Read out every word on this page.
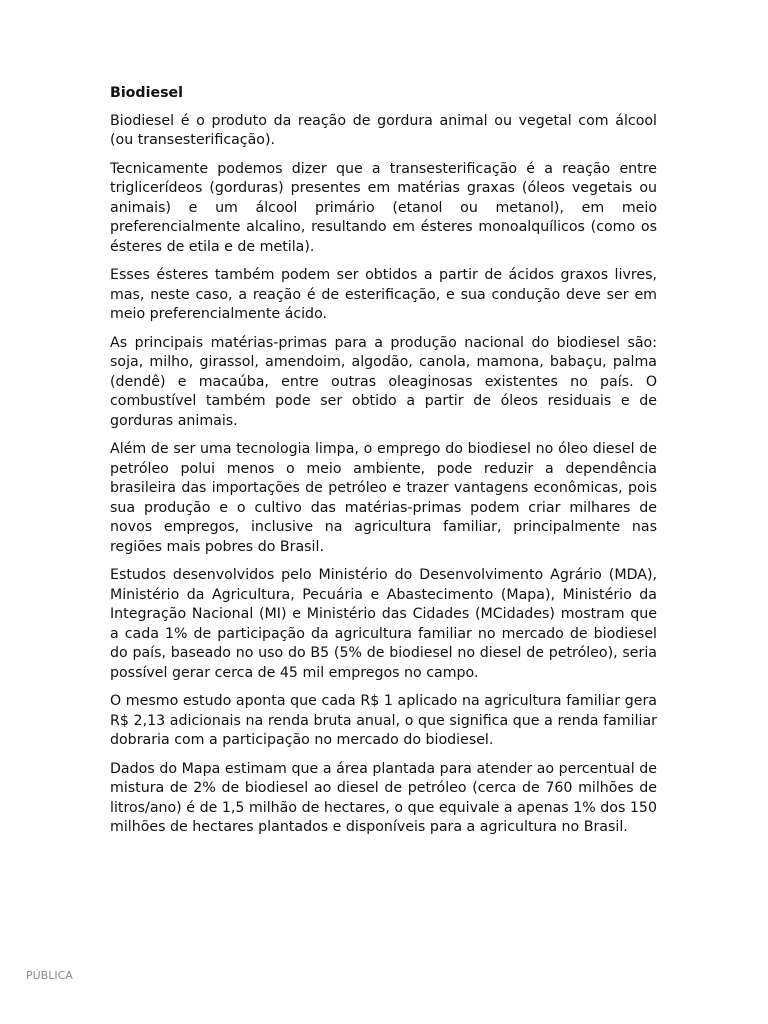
Biodiesel

Biodiesel é o produto da reação de gordura animal ou vegetal com álcool (ou transesterificação).

Tecnicamente podemos dizer que a transesterificação é a reação entre triglicerídeos (gorduras) presentes em matérias graxas (óleos vegetais ou animais) e um álcool primário (etanol ou metanol), em meio preferencialmente alcalino, resultando em ésteres monoalquílicos (como os ésteres de etila e de metila).

Esses ésteres também podem ser obtidos a partir de ácidos graxos livres, mas, neste caso, a reação é de esterificação, e sua condução deve ser em meio preferencialmente ácido.

As principais matérias-primas para a produção nacional do biodiesel são: soja, milho, girassol, amendoim, algodão, canola, mamona, babaçu, palma (dendê) e macaúba, entre outras oleaginosas existentes no país. O combustível também pode ser obtido a partir de óleos residuais e de gorduras animais.

Além de ser uma tecnologia limpa, o emprego do biodiesel no óleo diesel de petróleo polui menos o meio ambiente, pode reduzir a dependência brasileira das importações de petróleo e trazer vantagens econômicas, pois sua produção e o cultivo das matérias-primas podem criar milhares de novos empregos, inclusive na agricultura familiar, principalmente nas regiões mais pobres do Brasil.

Estudos desenvolvidos pelo Ministério do Desenvolvimento Agrário (MDA), Ministério da Agricultura, Pecuária e Abastecimento (Mapa), Ministério da Integração Nacional (MI) e Ministério das Cidades (MCidades) mostram que a cada 1% de participação da agricultura familiar no mercado de biodiesel do país, baseado no uso do B5 (5% de biodiesel no diesel de petróleo), seria possível gerar cerca de 45 mil empregos no campo.

O mesmo estudo aponta que cada R$ 1 aplicado na agricultura familiar gera R$ 2,13 adicionais na renda bruta anual, o que significa que a renda familiar dobraria com a participação no mercado do biodiesel.

Dados do Mapa estimam que a área plantada para atender ao percentual de mistura de 2% de biodiesel ao diesel de petróleo (cerca de 760 milhões de litros/ano) é de 1,5 milhão de hectares, o que equivale a apenas 1% dos 150 milhões de hectares plantados e disponíveis para a agricultura no Brasil.

PÚBLICA
